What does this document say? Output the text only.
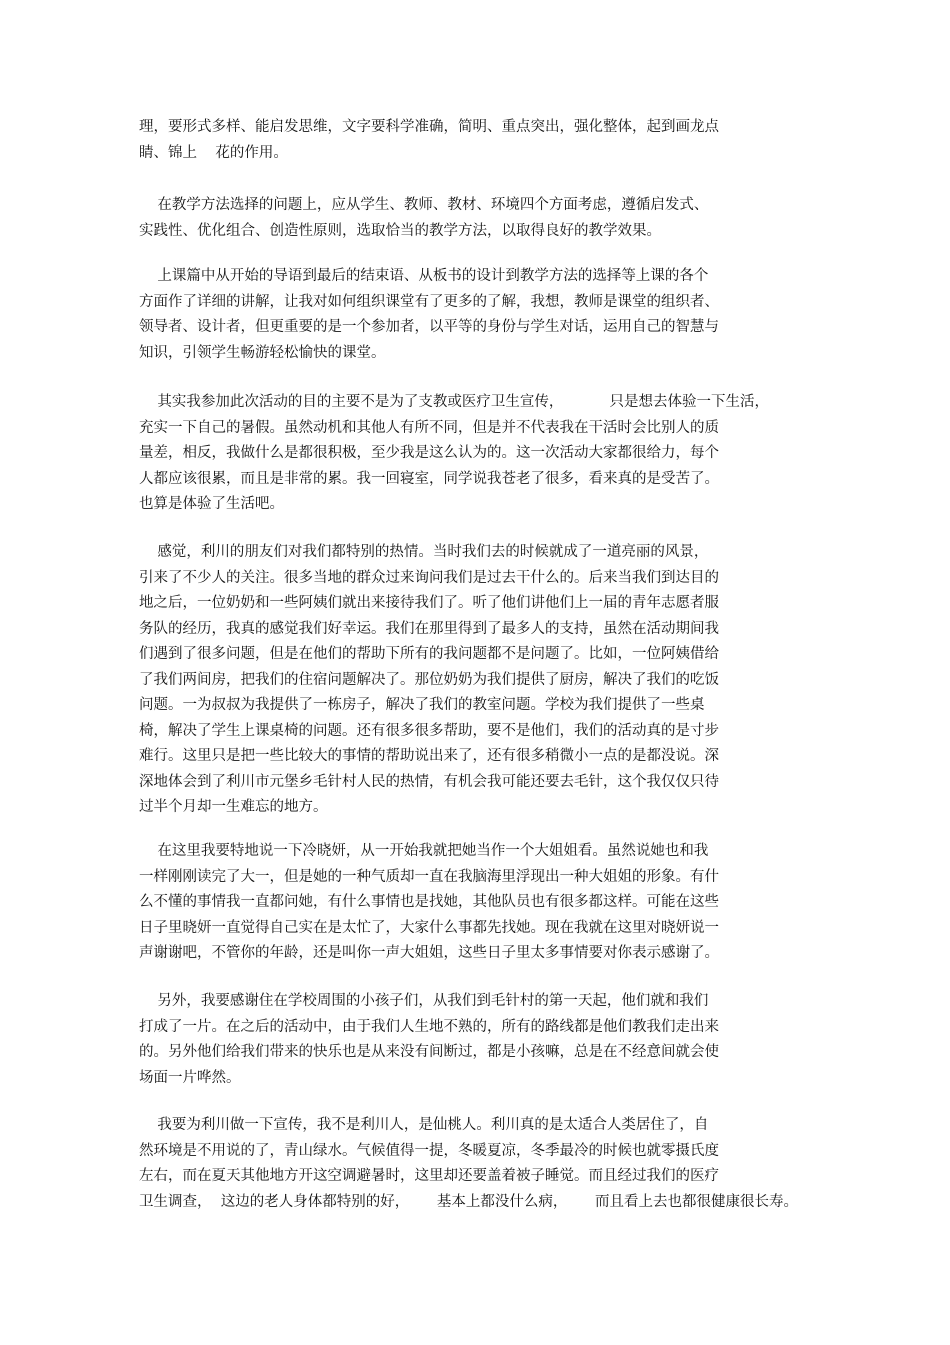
理，要形式多样、能启发思维，文字要科学准确，简明、重点突出，强化整体，起到画龙点
睛、锦上    花的作用。
在教学方法选择的问题上，应从学生、教师、教材、环境四个方面考虑，遵循启发式、
实践性、优化组合、创造性原则，选取恰当的教学方法，以取得良好的教学效果。
上课篇中从开始的导语到最后的结束语、从板书的设计到教学方法的选择等上课的各个
方面作了详细的讲解，让我对如何组织课堂有了更多的了解，我想，教师是课堂的组织者、
领导者、设计者，但更重要的是一个参加者，以平等的身份与学生对话，运用自己的智慧与
知识，引领学生畅游轻松愉快的课堂。
其实我参加此次活动的目的主要不是为了支教或医疗卫生宣传，          只是想去体验一下生活，
充实一下自己的暑假。虽然动机和其他人有所不同，但是并不代表我在干活时会比别人的质
量差，相反，我做什么是都很积极，至少我是这么认为的。这一次活动大家都很给力，每个
人都应该很累，而且是非常的累。我一回寝室，同学说我苍老了很多，看来真的是受苦了。
也算是体验了生活吧。
感觉，利川的朋友们对我们都特别的热情。当时我们去的时候就成了一道亮丽的风景，
引来了不少人的关注。很多当地的群众过来询问我们是过去干什么的。后来当我们到达目的
地之后，一位奶奶和一些阿姨们就出来接待我们了。听了他们讲他们上一届的青年志愿者服
务队的经历，我真的感觉我们好幸运。我们在那里得到了最多人的支持，虽然在活动期间我
们遇到了很多问题，但是在他们的帮助下所有的我问题都不是问题了。比如，一位阿姨借给
了我们两间房，把我们的住宿问题解决了。那位奶奶为我们提供了厨房，解决了我们的吃饭
问题。一为叔叔为我提供了一栋房子，解决了我们的教室问题。学校为我们提供了一些桌
椅，解决了学生上课桌椅的问题。还有很多很多帮助，要不是他们，我们的活动真的是寸步
难行。这里只是把一些比较大的事情的帮助说出来了，还有很多稍微小一点的是都没说。深
深地体会到了利川市元堡乡毛针村人民的热情，有机会我可能还要去毛针，这个我仅仅只待
过半个月却一生难忘的地方。
在这里我要特地说一下冷晓妍，从一开始我就把她当作一个大姐姐看。虽然说她也和我
一样刚刚读完了大一，但是她的一种气质却一直在我脑海里浮现出一种大姐姐的形象。有什
么不懂的事情我一直都问她，有什么事情也是找她，其他队员也有很多都这样。可能在这些
日子里晓妍一直觉得自己实在是太忙了，大家什么事都先找她。现在我就在这里对晓妍说一
声谢谢吧，不管你的年龄，还是叫你一声大姐姐，这些日子里太多事情要对你表示感谢了。
另外，我要感谢住在学校周围的小孩子们，从我们到毛针村的第一天起，他们就和我们
打成了一片。在之后的活动中，由于我们人生地不熟的，所有的路线都是他们教我们走出来
的。另外他们给我们带来的快乐也是从来没有间断过，都是小孩嘛，总是在不经意间就会使
场面一片哗然。
我要为利川做一下宣传，我不是利川人，是仙桃人。利川真的是太适合人类居住了，自
然环境是不用说的了，青山绿水。气候值得一提，冬暖夏凉，冬季最冷的时候也就零摄氏度
左右，而在夏天其他地方开这空调避暑时，这里却还要盖着被子睡觉。而且经过我们的医疗
卫生调查，  这边的老人身体都特别的好，      基本上都没什么病，      而且看上去也都很健康很长寿。
